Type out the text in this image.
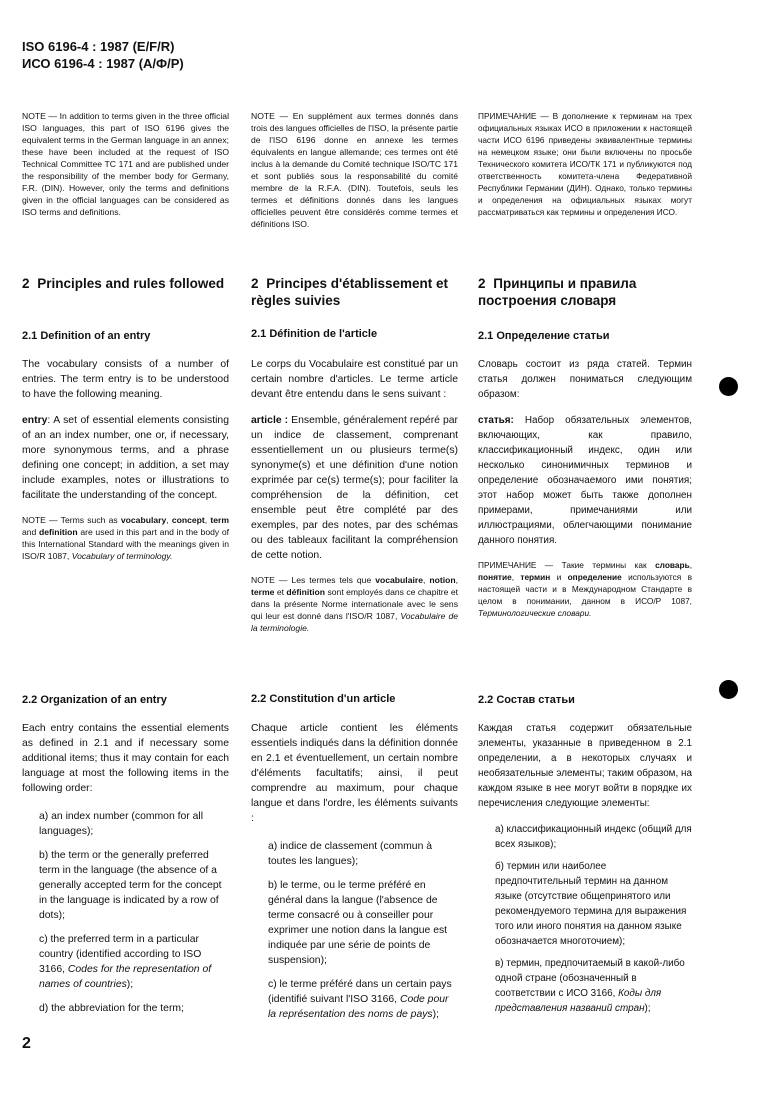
ISO 6196-4 : 1987 (E/F/R)
ИСО 6196-4 : 1987 (А/Ф/Р)
NOTE — In addition to terms given in the three official ISO languages, this part of ISO 6196 gives the equivalent terms in the German language in an annex; these have been included at the request of ISO Technical Committee TC 171 and are published under the responsibility of the member body for Germany, F.R. (DIN). However, only the terms and definitions given in the official languages can be considered as ISO terms and definitions.
NOTE — En supplément aux termes donnés dans trois des langues officielles de l'ISO, la présente partie de l'ISO 6196 donne en annexe les termes équivalents en langue allemande; ces termes ont été inclus à la demande du Comité technique ISO/TC 171 et sont publiés sous la responsabilité du comité membre de la R.F.A. (DIN). Toutefois, seuls les termes et définitions donnés dans les langues officielles peuvent être considérés comme termes et définitions ISO.
ПРИМЕЧАНИЕ — В дополнение к терминам на трех официальных языках ИСО в приложении к настоящей части ИСО 6196 приведены эквивалентные термины на немецком языке; они были включены по просьбе Технического комитета ИСО/ТК 171 и публикуются под ответственность комитета-члена Федеративной Республики Германии (ДИН). Однако, только термины и определения на официальных языках могут рассматриваться как термины и определения ИСО.
2 Principles and rules followed	2 Principes d'établissement et règles suivies
2 Принципы и правила построения словаря
2.1 Definition of an entry	2.1 Définition de l'article	2.1 Определение статьи
The vocabulary consists of a number of entries. The term entry is to be understood to have the following meaning.
entry: A set of essential elements consisting of an an index number, one or, if necessary, more synonymous terms, and a phrase defining one concept; in addition, a set may include examples, notes or illustrations to facilitate the understanding of the concept.
NOTE — Terms such as vocabulary, concept, term and definition are used in this part and in the body of this International Standard with the meanings given in ISO/R 1087, Vocabulary of terminology.
Le corps du Vocabulaire est constitué par un certain nombre d'articles. Le terme article devant être entendu dans le sens suivant :
article : Ensemble, généralement repéré par un indice de classement, comprenant essentiellement un ou plusieurs terme(s) synonyme(s) et une définition d'une notion exprimée par ce(s) terme(s); pour faciliter la compréhension de la définition, cet ensemble peut être complété par des exemples, par des notes, par des schémas ou des tableaux facilitant la compréhension de cette notion.
NOTE — Les termes tels que vocabulaire, notion, terme et définition sont employés dans ce chapitre et dans la présente Norme internationale avec le sens qui leur est donné dans l'ISO/R 1087, Vocabulaire de la terminologie.
Словарь состоит из ряда статей. Термин статья должен пониматься следующим образом:
статья: Набор обязательных элементов, включающих, как правило, классификационный индекс, один или несколько синонимичных терминов и определение обозначаемого ими понятия; этот набор может быть также дополнен примерами, примечаниями или иллюстрациями, облегчающими понимание данного понятия.
ПРИМЕЧАНИЕ — Такие термины как словарь, понятие, термин и определение используются в настоящей части и в Международном Стандарте в целом в понимании, данном в ИСО/Р 1087, Терминологические словари.
2.2 Organization of an entry	2.2 Constitution d'un article	2.2 Состав статьи
Each entry contains the essential elements as defined in 2.1 and if necessary some additional items; thus it may contain for each language at most the following items in the following order:
a) an index number (common for all languages);
b) the term or the generally preferred term in the language (the absence of a generally accepted term for the concept in the language is indicated by a row of dots);
c) the preferred term in a particular country (identified according to ISO 3166, Codes for the representation of names of countries);
d) the abbreviation for the term;
Chaque article contient les éléments essentiels indiqués dans la définition donnée en 2.1 et éventuellement, un certain nombre d'éléments facultatifs; ainsi, il peut comprendre au maximum, pour chaque langue et dans l'ordre, les éléments suivants :
a) indice de classement (commun à toutes les langues);
b) le terme, ou le terme préféré en général dans la langue (l'absence de terme consacré ou à conseiller pour exprimer une notion dans la langue est indiquée par une série de points de suspension);
c) le terme préféré dans un certain pays (identifié suivant l'ISO 3166, Code pour la représentation des noms de pays);
Каждая статья содержит обязательные элементы, указанные в приведенном в 2.1 определении, а в некоторых случаях и необязательные элементы; таким образом, на каждом языке в нее могут войти в порядке их перечисления следующие элементы:
а) классификационный индекс (общий для всех языков);
б) термин или наиболее предпочтительный термин на данном языке (отсутствие общепринятого или рекомендуемого термина для выражения того или иного понятия на данном языке обозначается многоточием);
в) термин, предпочитаемый в какой-либо одной стране (обозначенный в соответствии с ИСО 3166, Коды для представления названий стран);
2
